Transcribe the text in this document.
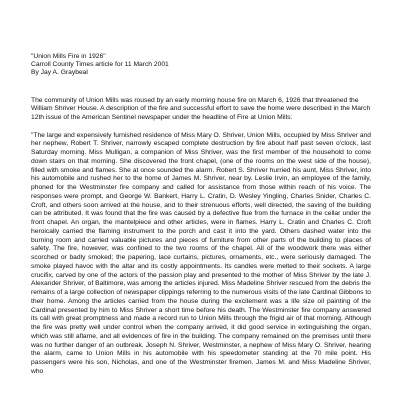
"Union Mills Fire in 1926"

Carroll County Times article for 11 March 2001

By Jay A. Graybeal

The community of Union Mills was roused by an early morning house fire on March 6, 1926 that threatened the William Shriver House. A description of the fire and successful effort to save the home were described in the March 12th issue of the American Sentinel newspaper under the headline of Fire at Union Mills:

"The large and expensively furnished residence of Miss Mary O. Shriver, Union Mills, occupied by Miss Shriver and her nephew, Robert T. Shriver, narrowly escaped complete destruction by fire about half past seven o'clock, last Saturday morning. Miss Mulligan, a companion of Miss Shriver, was the first member of the household to come down stairs on that morning. She discovered the front chapel, (one of the rooms on the west side of the house), filled with smoke and flames. She at once sounded the alarm. Robert S. Shriver hurried his aunt, Miss Shriver, into his automobile and rushed her to the home of James M. Shriver, near by. Leslie Irvin, an employee of the family, phoned for the Westminster fire company and called for assistance from those within reach of his voice. The responses were prompt, and George W. Bankert, Harry L. Cratin, D. Wesley Yingling, Charles Snider, Charles C. Croft, and others soon arrived at the house, and to their strenuous efforts, well directed, the saving of the building can be attributed. It was found that the fire was caused by a defective flue from the furnace in the cellar under the front chapel. An organ, the mantelpiece and other articles, were in flames. Harry L. Cratin and Charles C. Croft heroically carried the flaming instrument to the porch and cast it into the yard. Others dashed water into the burning room and carried valuable pictures and pieces of furniture from other parts of the building to places of safety. The fire, however, was confined to the two rooms of the chapel. All of the woodwork there was either scorched or badly smoked; the papering, lace curtains, pictures, ornaments, etc., were seriously damaged. The smoke played havoc with the altar and its costly appointments. Its candles were melted to their sockets. A large crucifix, carved by one of the actors of the passion play and presented to the mother of Miss Shriver by the late J. Alexander Shriver, of Baltimore, was among the articles injured. Miss Madeline Shriver rescued from the debris the remains of a large collection of newspaper clippings referring to the numerous visits of the late Cardinal Gibbons to their home. Among the articles carried from the house during the excitement was a life size oil painting of the Cardinal presented by him to Miss Shriver a short time before his death. The Westminster fire company answered its call with great promptness and made a record run to Union Mills through the frigid air of that morning. Although the fire was pretty well under control when the company arrived, it did good service in extinguishing the organ, which was still aflame, and all evidences of fire in the building. The company remained on the premises until there was no further danger of an outbreak. Joseph N. Shriver, Westminster, a nephew of Miss Mary O. Shriver, hearing the alarm, came to Union Mills in his automobile with his speedometer standing at the 70 mile point. His passengers were his son, Nicholas, and one of the Westminster firemen. James M. and Miss Madeline Shriver, who
